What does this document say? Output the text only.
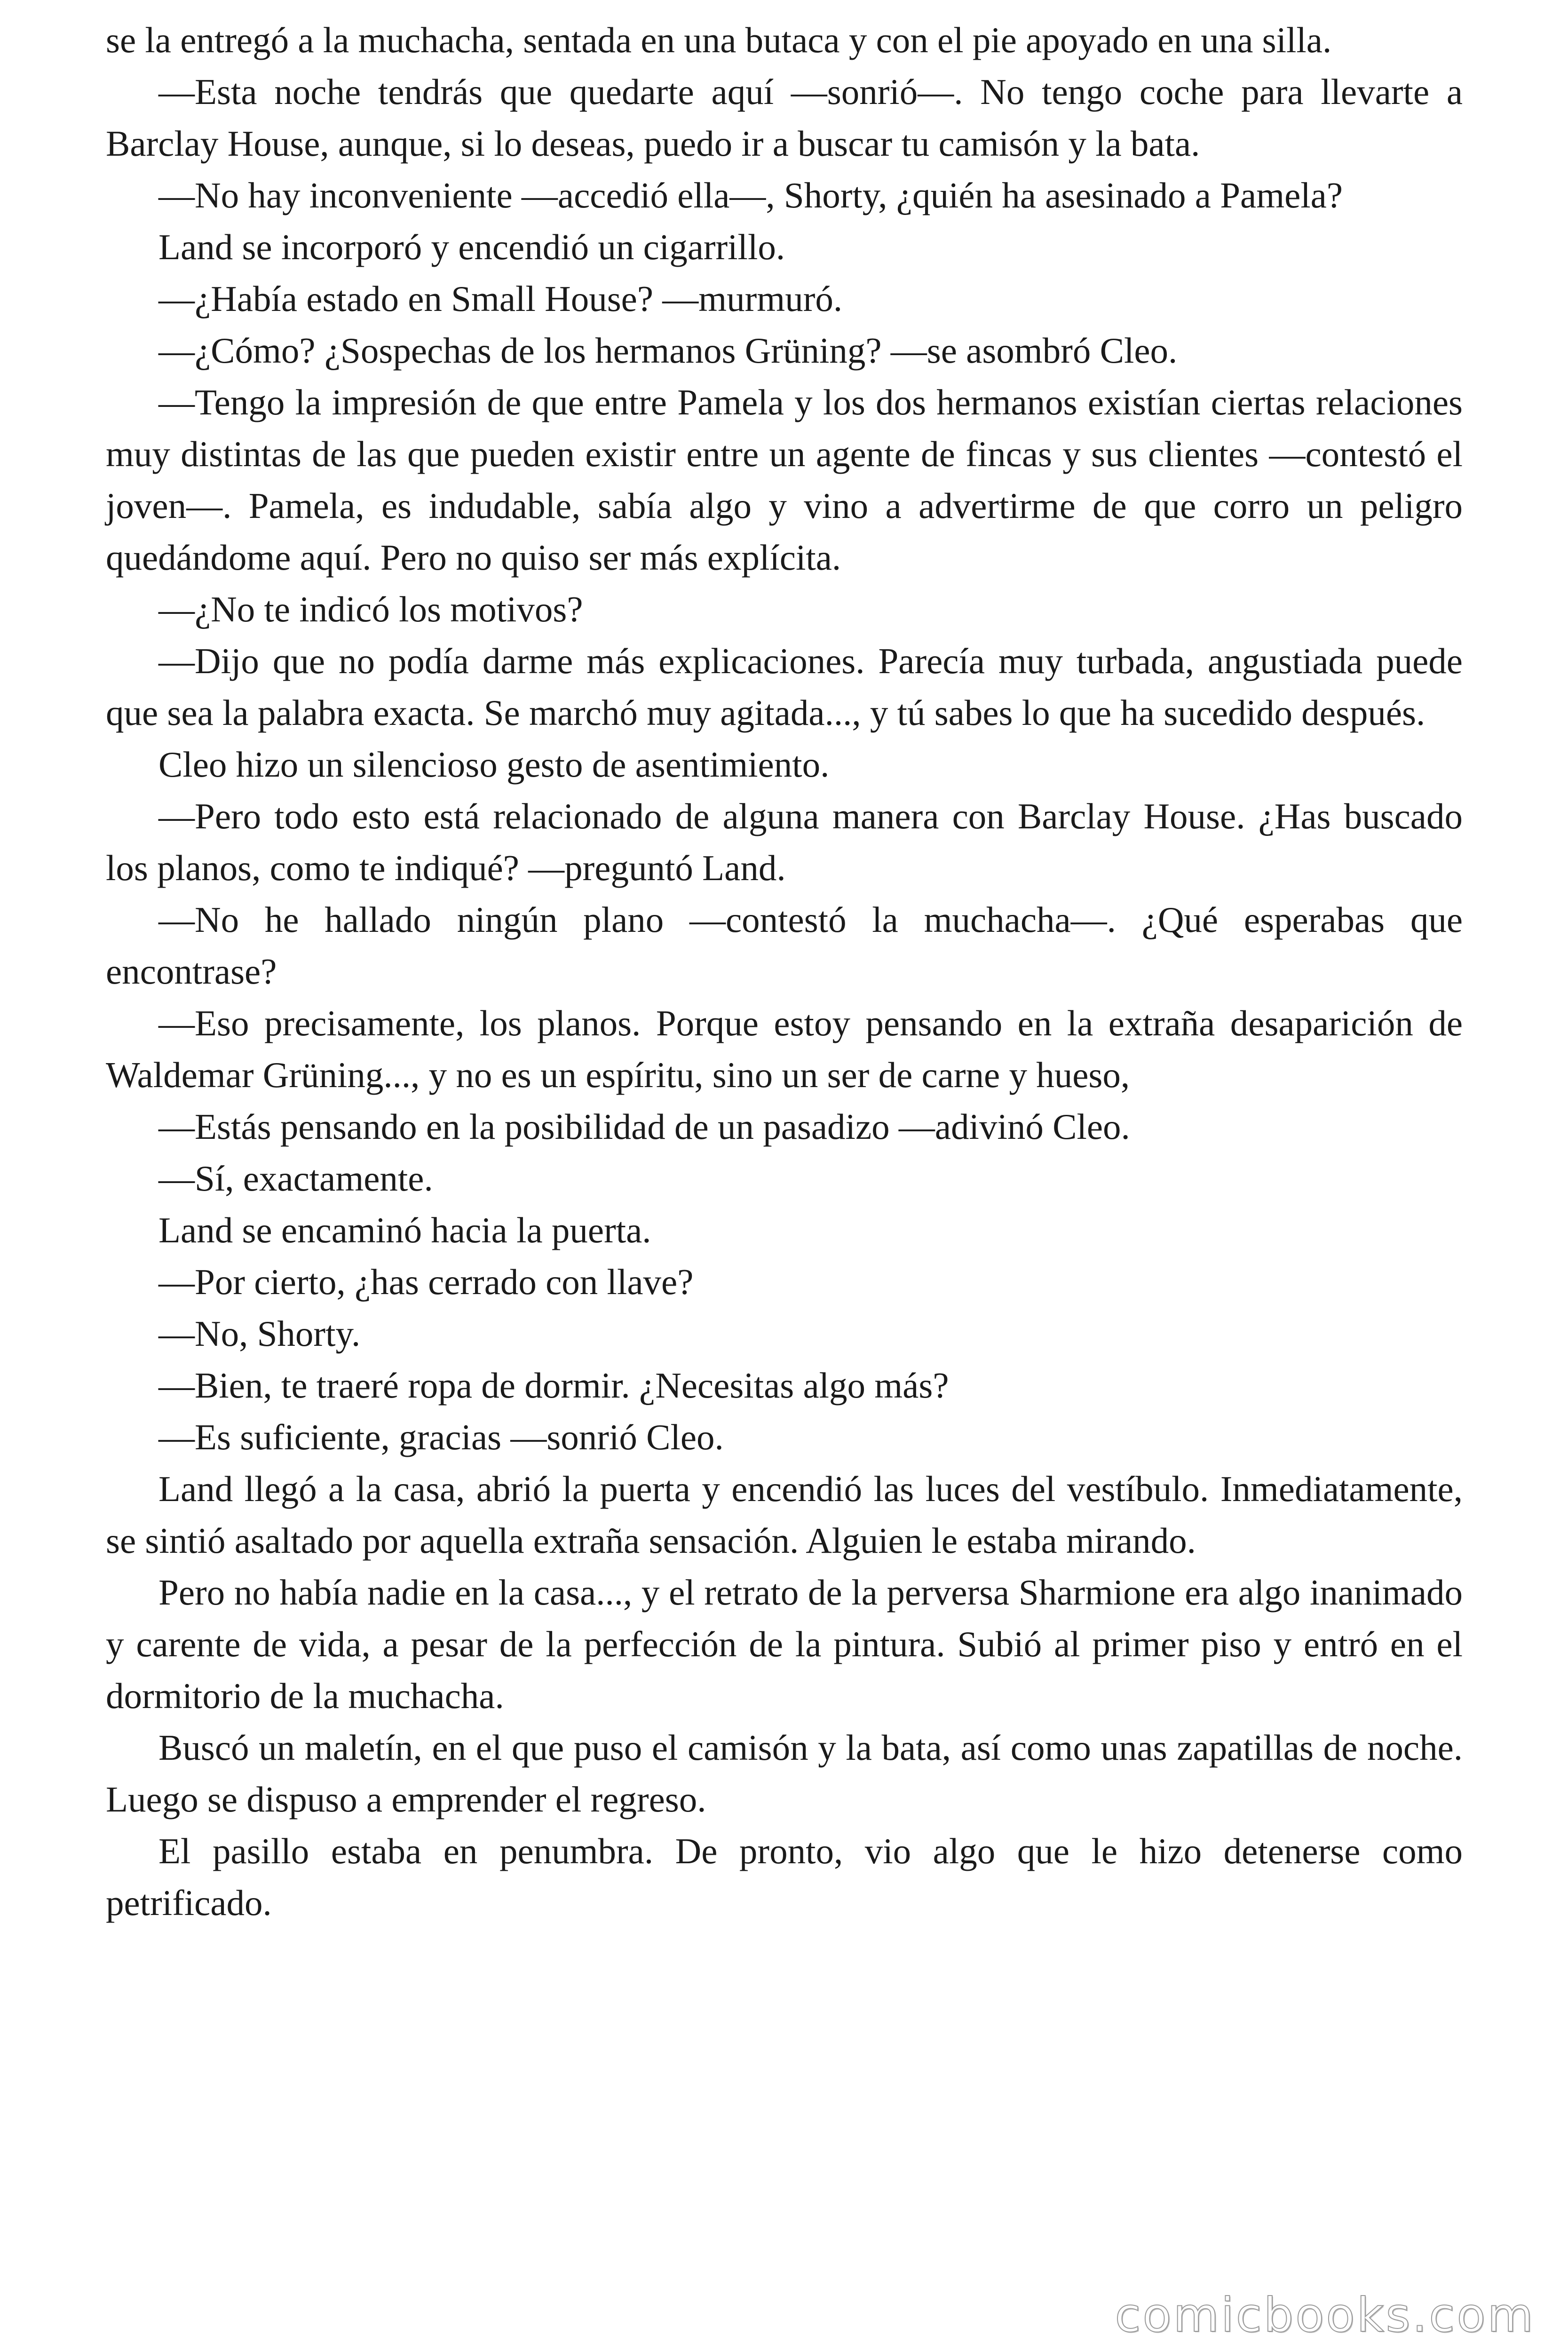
se la entregó a la muchacha, sentada en una butaca y con el pie apoyado en una silla.

—Esta noche tendrás que quedarte aquí —sonrió—. No tengo coche para llevarte a Barclay House, aunque, si lo deseas, puedo ir a buscar tu camisón y la bata.

—No hay inconveniente —accedió ella—, Shorty, ¿quién ha asesinado a Pamela?

Land se incorporó y encendió un cigarrillo.

—¿Había estado en Small House? —murmuró.

—¿Cómo? ¿Sospechas de los hermanos Grüning? —se asombró Cleo.

—Tengo la impresión de que entre Pamela y los dos hermanos existían ciertas relaciones muy distintas de las que pueden existir entre un agente de fincas y sus clientes —contestó el joven—. Pamela, es indudable, sabía algo y vino a advertirme de que corro un peligro quedándome aquí. Pero no quiso ser más explícita.

—¿No te indicó los motivos?

—Dijo que no podía darme más explicaciones. Parecía muy turbada, angustiada puede que sea la palabra exacta. Se marchó muy agitada..., y tú sabes lo que ha sucedido después.

Cleo hizo un silencioso gesto de asentimiento.

—Pero todo esto está relacionado de alguna manera con Barclay House. ¿Has buscado los planos, como te indiqué? —preguntó Land.

—No he hallado ningún plano —contestó la muchacha—. ¿Qué esperabas que encontrase?

—Eso precisamente, los planos. Porque estoy pensando en la extraña desaparición de Waldemar Grüning..., y no es un espíritu, sino un ser de carne y hueso,

—Estás pensando en la posibilidad de un pasadizo —adivinó Cleo.

—Sí, exactamente.

Land se encaminó hacia la puerta.

—Por cierto, ¿has cerrado con llave?

—No, Shorty.

—Bien, te traeré ropa de dormir. ¿Necesitas algo más?

—Es suficiente, gracias —sonrió Cleo.

Land llegó a la casa, abrió la puerta y encendió las luces del vestíbulo. Inmediatamente, se sintió asaltado por aquella extraña sensación. Alguien le estaba mirando.

Pero no había nadie en la casa..., y el retrato de la perversa Sharmione era algo inanimado y carente de vida, a pesar de la perfección de la pintura. Subió al primer piso y entró en el dormitorio de la muchacha.

Buscó un maletín, en el que puso el camisón y la bata, así como unas zapatillas de noche. Luego se dispuso a emprender el regreso.

El pasillo estaba en penumbra. De pronto, vio algo que le hizo detenerse como petrificado.

comicbooks.com
